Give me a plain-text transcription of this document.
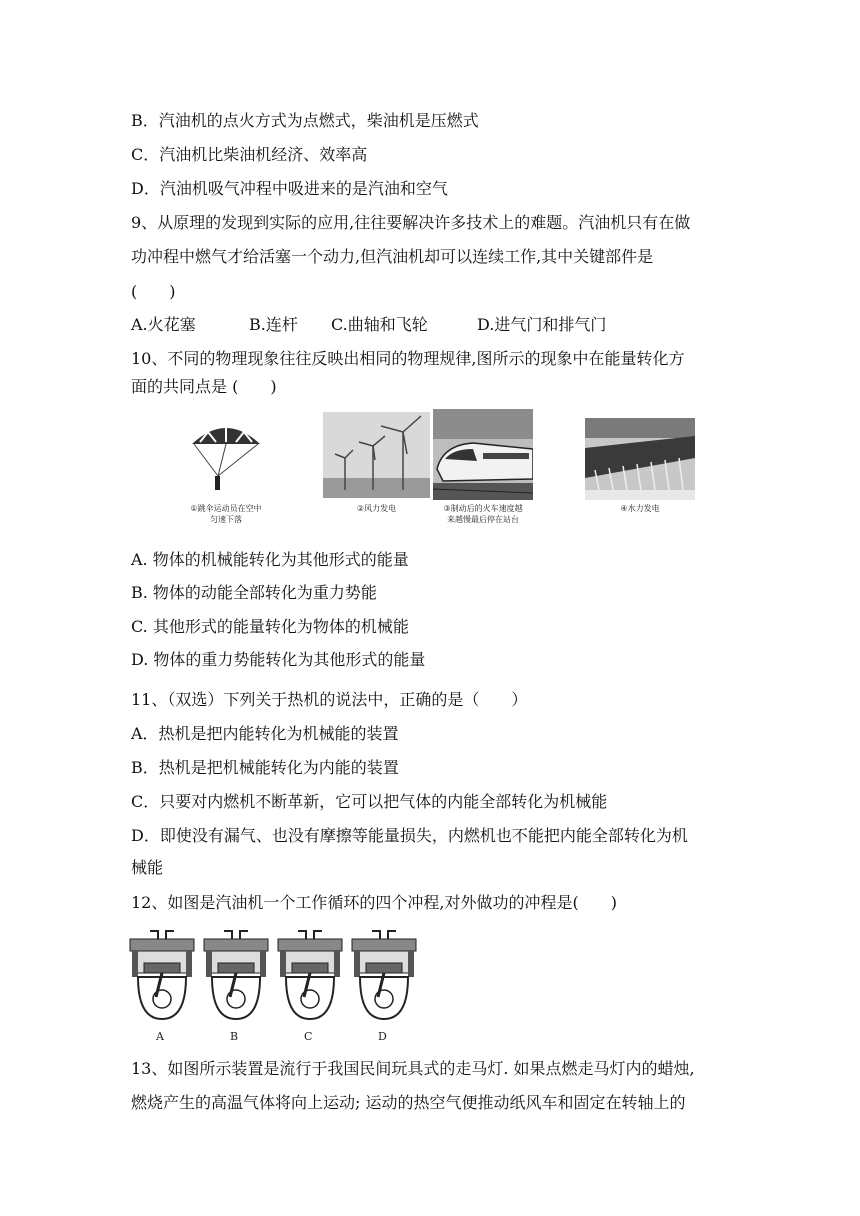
B．汽油机的点火方式为点燃式，柴油机是压燃式
C．汽油机比柴油机经济、效率高
D．汽油机吸气冲程中吸进来的是汽油和空气
9、从原理的发现到实际的应用,往往要解决许多技术上的难题。汽油机只有在做
功冲程中燃气才给活塞一个动力,但汽油机却可以连续工作,其中关键部件是
(　　)
A.火花塞	B.连杆 C.曲轴和飞轮	D.进气门和排气门
10、不同的物理现象往往反映出相同的物理规律,图所示的现象中在能量转化方
面的共同点是 (　　)
①跳伞运动员在空中
匀速下落
②风力发电	③制动后的火车速度越
来越慢最后停在站台
④水力发电
A. 物体的机械能转化为其他形式的能量
B. 物体的动能全部转化为重力势能
C. 其他形式的能量转化为物体的机械能
D. 物体的重力势能转化为其他形式的能量
11、（双选）下列关于热机的说法中，正确的是（　　）
A．热机是把内能转化为机械能的装置
B．热机是把机械能转化为内能的装置
C．只要对内燃机不断革新，它可以把气体的内能全部转化为机械能
D．即使没有漏气、也没有摩擦等能量损失，内燃机也不能把内能全部转化为机
械能
12、如图是汽油机一个工作循环的四个冲程,对外做功的冲程是(　　)
A	B	C	D
13、如图所示装置是流行于我国民间玩具式的走马灯. 如果点燃走马灯内的蜡烛,
燃烧产生的高温气体将向上运动; 运动的热空气便推动纸风车和固定在转轴上的
